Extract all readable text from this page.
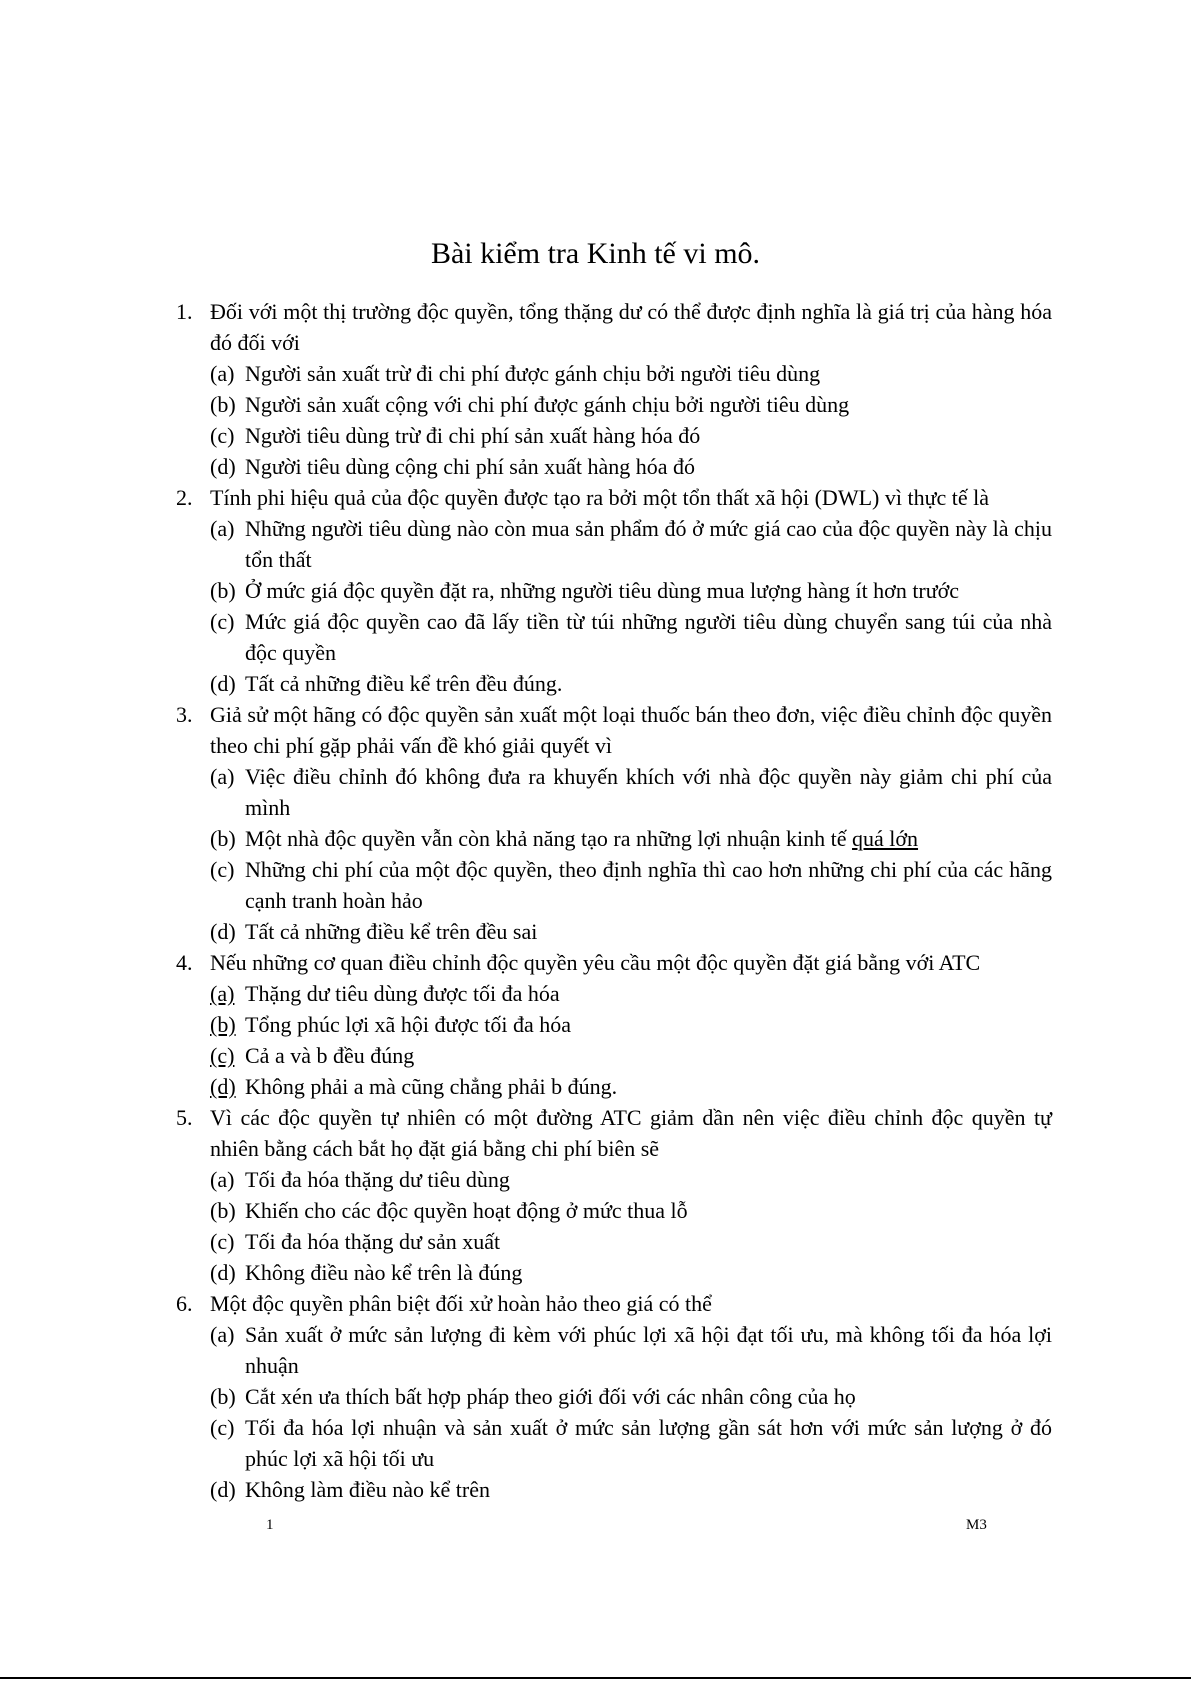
Bài kiểm tra Kinh tế vi mô.
1. Đối với một thị trường độc quyền, tổng thặng dư có thể được định nghĩa là giá trị của hàng hóa đó đối với
(a) Người sản xuất trừ đi chi phí được gánh chịu bởi người tiêu dùng
(b) Người sản xuất cộng với chi phí được gánh chịu bởi người tiêu dùng
(c) Người tiêu dùng trừ đi chi phí sản xuất hàng hóa đó
(d) Người tiêu dùng cộng chi phí sản xuất hàng hóa đó
2. Tính phi hiệu quả của độc quyền được tạo ra bởi một tổn thất xã hội (DWL) vì thực tế là
(a) Những người tiêu dùng nào còn mua sản phẩm đó ở mức giá cao của độc quyền này là chịu tổn thất
(b) Ở mức giá độc quyền đặt ra, những người tiêu dùng mua lượng hàng ít hơn trước
(c) Mức giá độc quyền cao đã lấy tiền từ túi những người tiêu dùng chuyển sang túi của nhà độc quyền
(d) Tất cả những điều kể trên đều đúng.
3. Giả sử một hãng có độc quyền sản xuất một loại thuốc bán theo đơn, việc điều chỉnh độc quyền theo chi phí gặp phải vấn đề khó giải quyết vì
(a) Việc điều chỉnh đó không đưa ra khuyến khích với nhà độc quyền này giảm chi phí của mình
(b) Một nhà độc quyền vẫn còn khả năng tạo ra những lợi nhuận kinh tế quá lớn
(c) Những chi phí của một độc quyền, theo định nghĩa thì cao hơn những chi phí của các hãng cạnh tranh hoàn hảo
(d) Tất cả những điều kể trên đều sai
4. Nếu những cơ quan điều chỉnh độc quyền yêu cầu một độc quyền đặt giá bằng với ATC
(a) Thặng dư tiêu dùng được tối đa hóa
(b) Tổng phúc lợi xã hội được tối đa hóa
(c) Cả a và b đều đúng
(d) Không phải a mà cũng chẳng phải b đúng.
5. Vì các độc quyền tự nhiên có một đường ATC giảm dần nên việc điều chỉnh độc quyền tự nhiên bằng cách bắt họ đặt giá bằng chi phí biên sẽ
(a) Tối đa hóa thặng dư tiêu dùng
(b) Khiến cho các độc quyền hoạt động ở mức thua lỗ
(c) Tối đa hóa thặng dư sản xuất
(d) Không điều nào kể trên là đúng
6. Một độc quyền phân biệt đối xử hoàn hảo theo giá có thể
(a) Sản xuất ở mức sản lượng đi kèm với phúc lợi xã hội đạt tối ưu, mà không tối đa hóa lợi nhuận
(b) Cắt xén ưa thích bất hợp pháp theo giới đối với các nhân công của họ
(c) Tối đa hóa lợi nhuận và sản xuất ở mức sản lượng gần sát hơn với mức sản lượng ở đó phúc lợi xã hội tối ưu
(d) Không làm điều nào kể trên
1	M3
